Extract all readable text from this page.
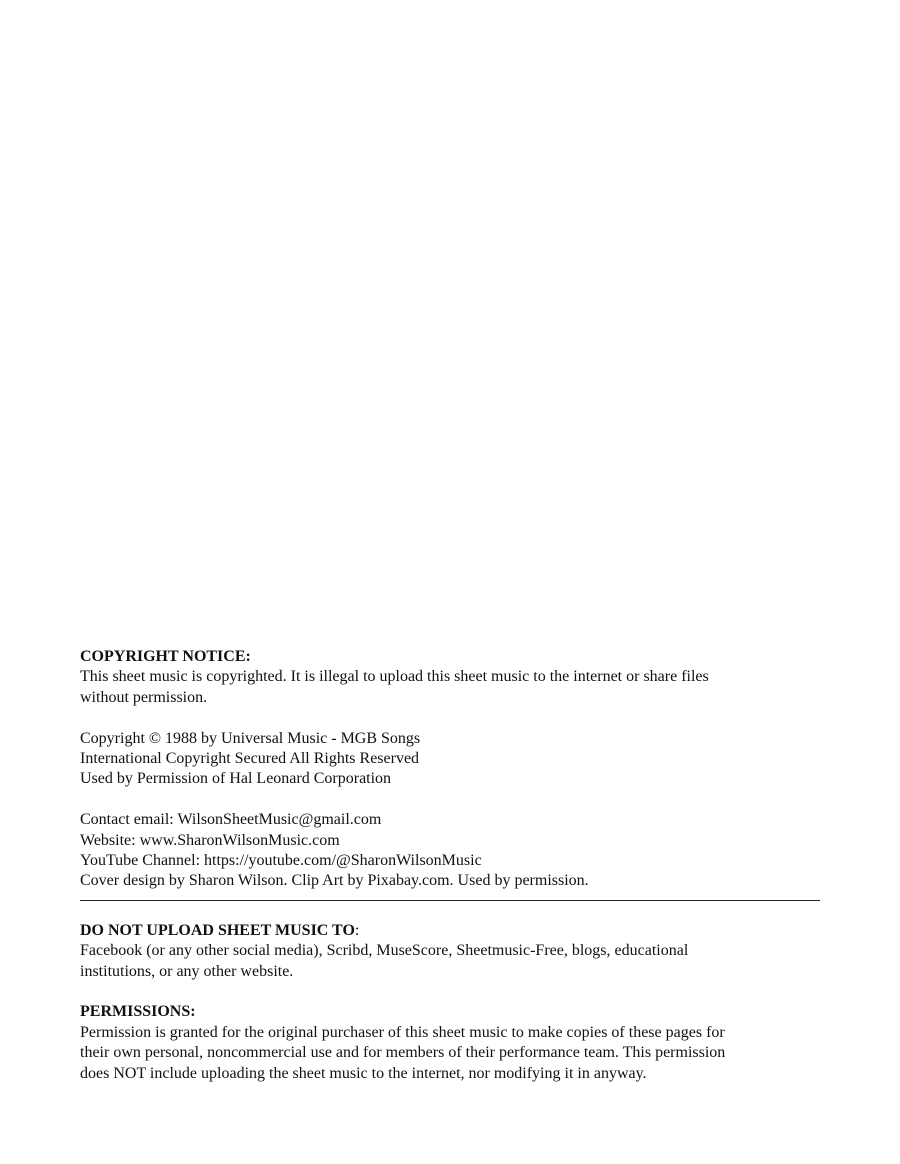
COPYRIGHT NOTICE:

This sheet music is copyrighted. It is illegal to upload this sheet music to the internet or share files

without permission.

Copyright © 1988 by Universal Music - MGB Songs

International Copyright Secured All Rights Reserved

Used by Permission of Hal Leonard Corporation

Contact email: WilsonSheetMusic@gmail.com

Website: www.SharonWilsonMusic.com

YouTube Channel: https://youtube.com/@SharonWilsonMusic

Cover design by Sharon Wilson. Clip Art by Pixabay.com. Used by permission.

DO NOT UPLOAD SHEET MUSIC TO:

Facebook (or any other social media), Scribd, MuseScore, Sheetmusic-Free, blogs, educational

institutions, or any other website.

PERMISSIONS:

Permission is granted for the original purchaser of this sheet music to make copies of these pages for

their own personal, noncommercial use and for members of their performance team. This permission

does NOT include uploading the sheet music to the internet, nor modifying it in anyway.
